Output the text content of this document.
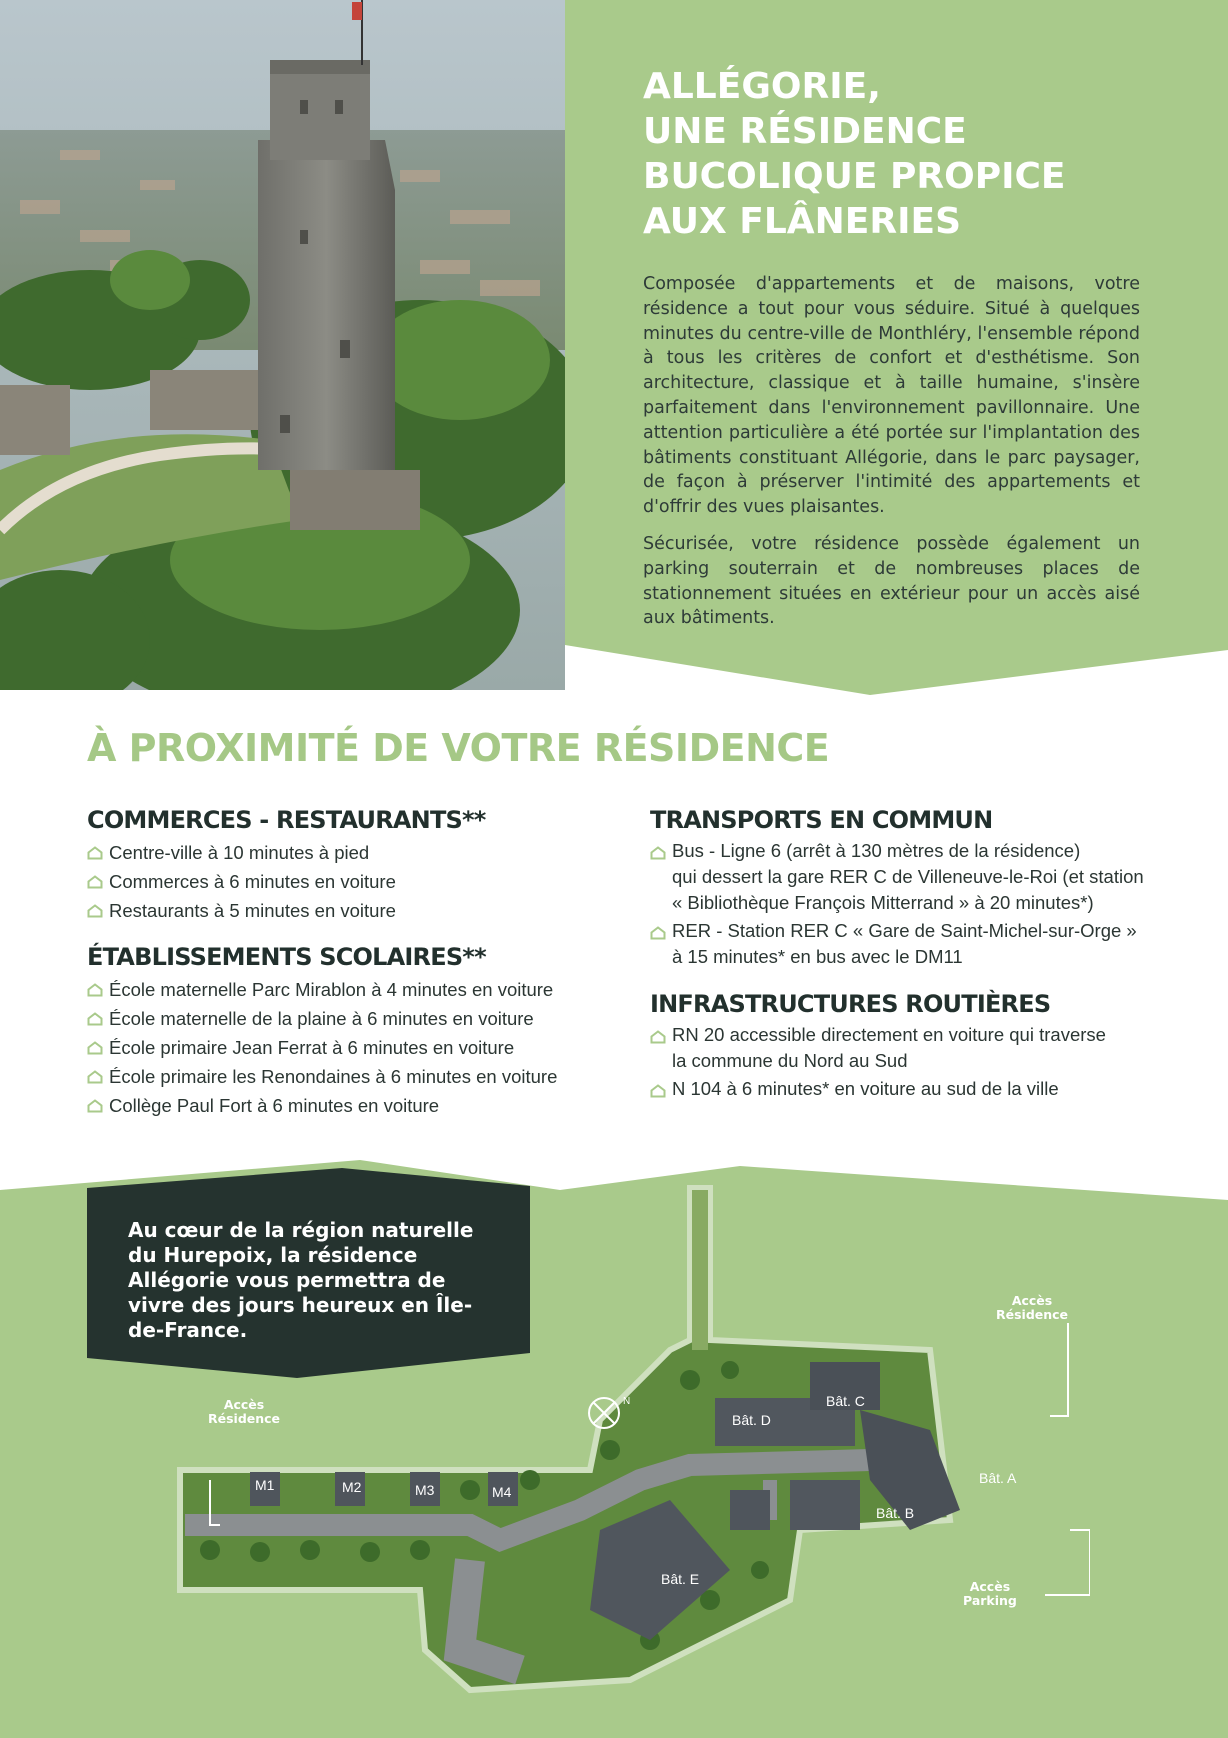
ALLÉGORIE,
UNE RÉSIDENCE
BUCOLIQUE PROPICE
AUX FLÂNERIES

Composée d'appartements et de maisons, votre résidence a tout pour vous séduire. Situé à quelques minutes du centre-ville de Monthléry, l'ensemble répond à tous les critères de confort et d'esthétisme. Son architecture, classique et à taille humaine, s'insère parfaitement dans l'environnement pavillonnaire. Une attention particulière a été portée sur l'implantation des bâtiments constituant Allégorie, dans le parc paysager, de façon à préserver l'intimité des appartements et d'offrir des vues plaisantes.

Sécurisée, votre résidence possède également un parking souterrain et de nombreuses places de stationnement situées en extérieur pour un accès aisé aux bâtiments.

À PROXIMITÉ DE VOTRE RÉSIDENCE
COMMERCES - RESTAURANTS**
Centre-ville à 10 minutes à pied
Commerces à 6 minutes en voiture
Restaurants à 5 minutes en voiture
ÉTABLISSEMENTS SCOLAIRES**
École maternelle Parc Mirablon à 4 minutes en voiture
École maternelle de la plaine à 6 minutes en voiture
École primaire Jean Ferrat à 6 minutes en voiture
École primaire les Renondaines à 6 minutes en voiture
Collège Paul Fort à 6 minutes en voiture
TRANSPORTS EN COMMUN
Bus - Ligne 6 (arrêt à 130 mètres de la résidence)
qui dessert la gare RER C de Villeneuve-le-Roi (et station
« Bibliothèque François Mitterrand » à 20 minutes*)
RER - Station RER C « Gare de Saint-Michel-sur-Orge »
à 15 minutes* en bus avec le DM11
INFRASTRUCTURES ROUTIÈRES
RN 20 accessible directement en voiture qui traverse
la commune du Nord au Sud
N 104 à 6 minutes* en voiture au sud de la ville
N
Accès
Résidence
Accès
Résidence
Accès
Parking
M1	M2	M3	M4
Bât. D
Bât. C
Bât. A
Bât. B
Bât. E
Au cœur de la région naturelle du Hurepoix, la résidence Allégorie vous permettra de vivre des jours heureux en Île-de-France.
